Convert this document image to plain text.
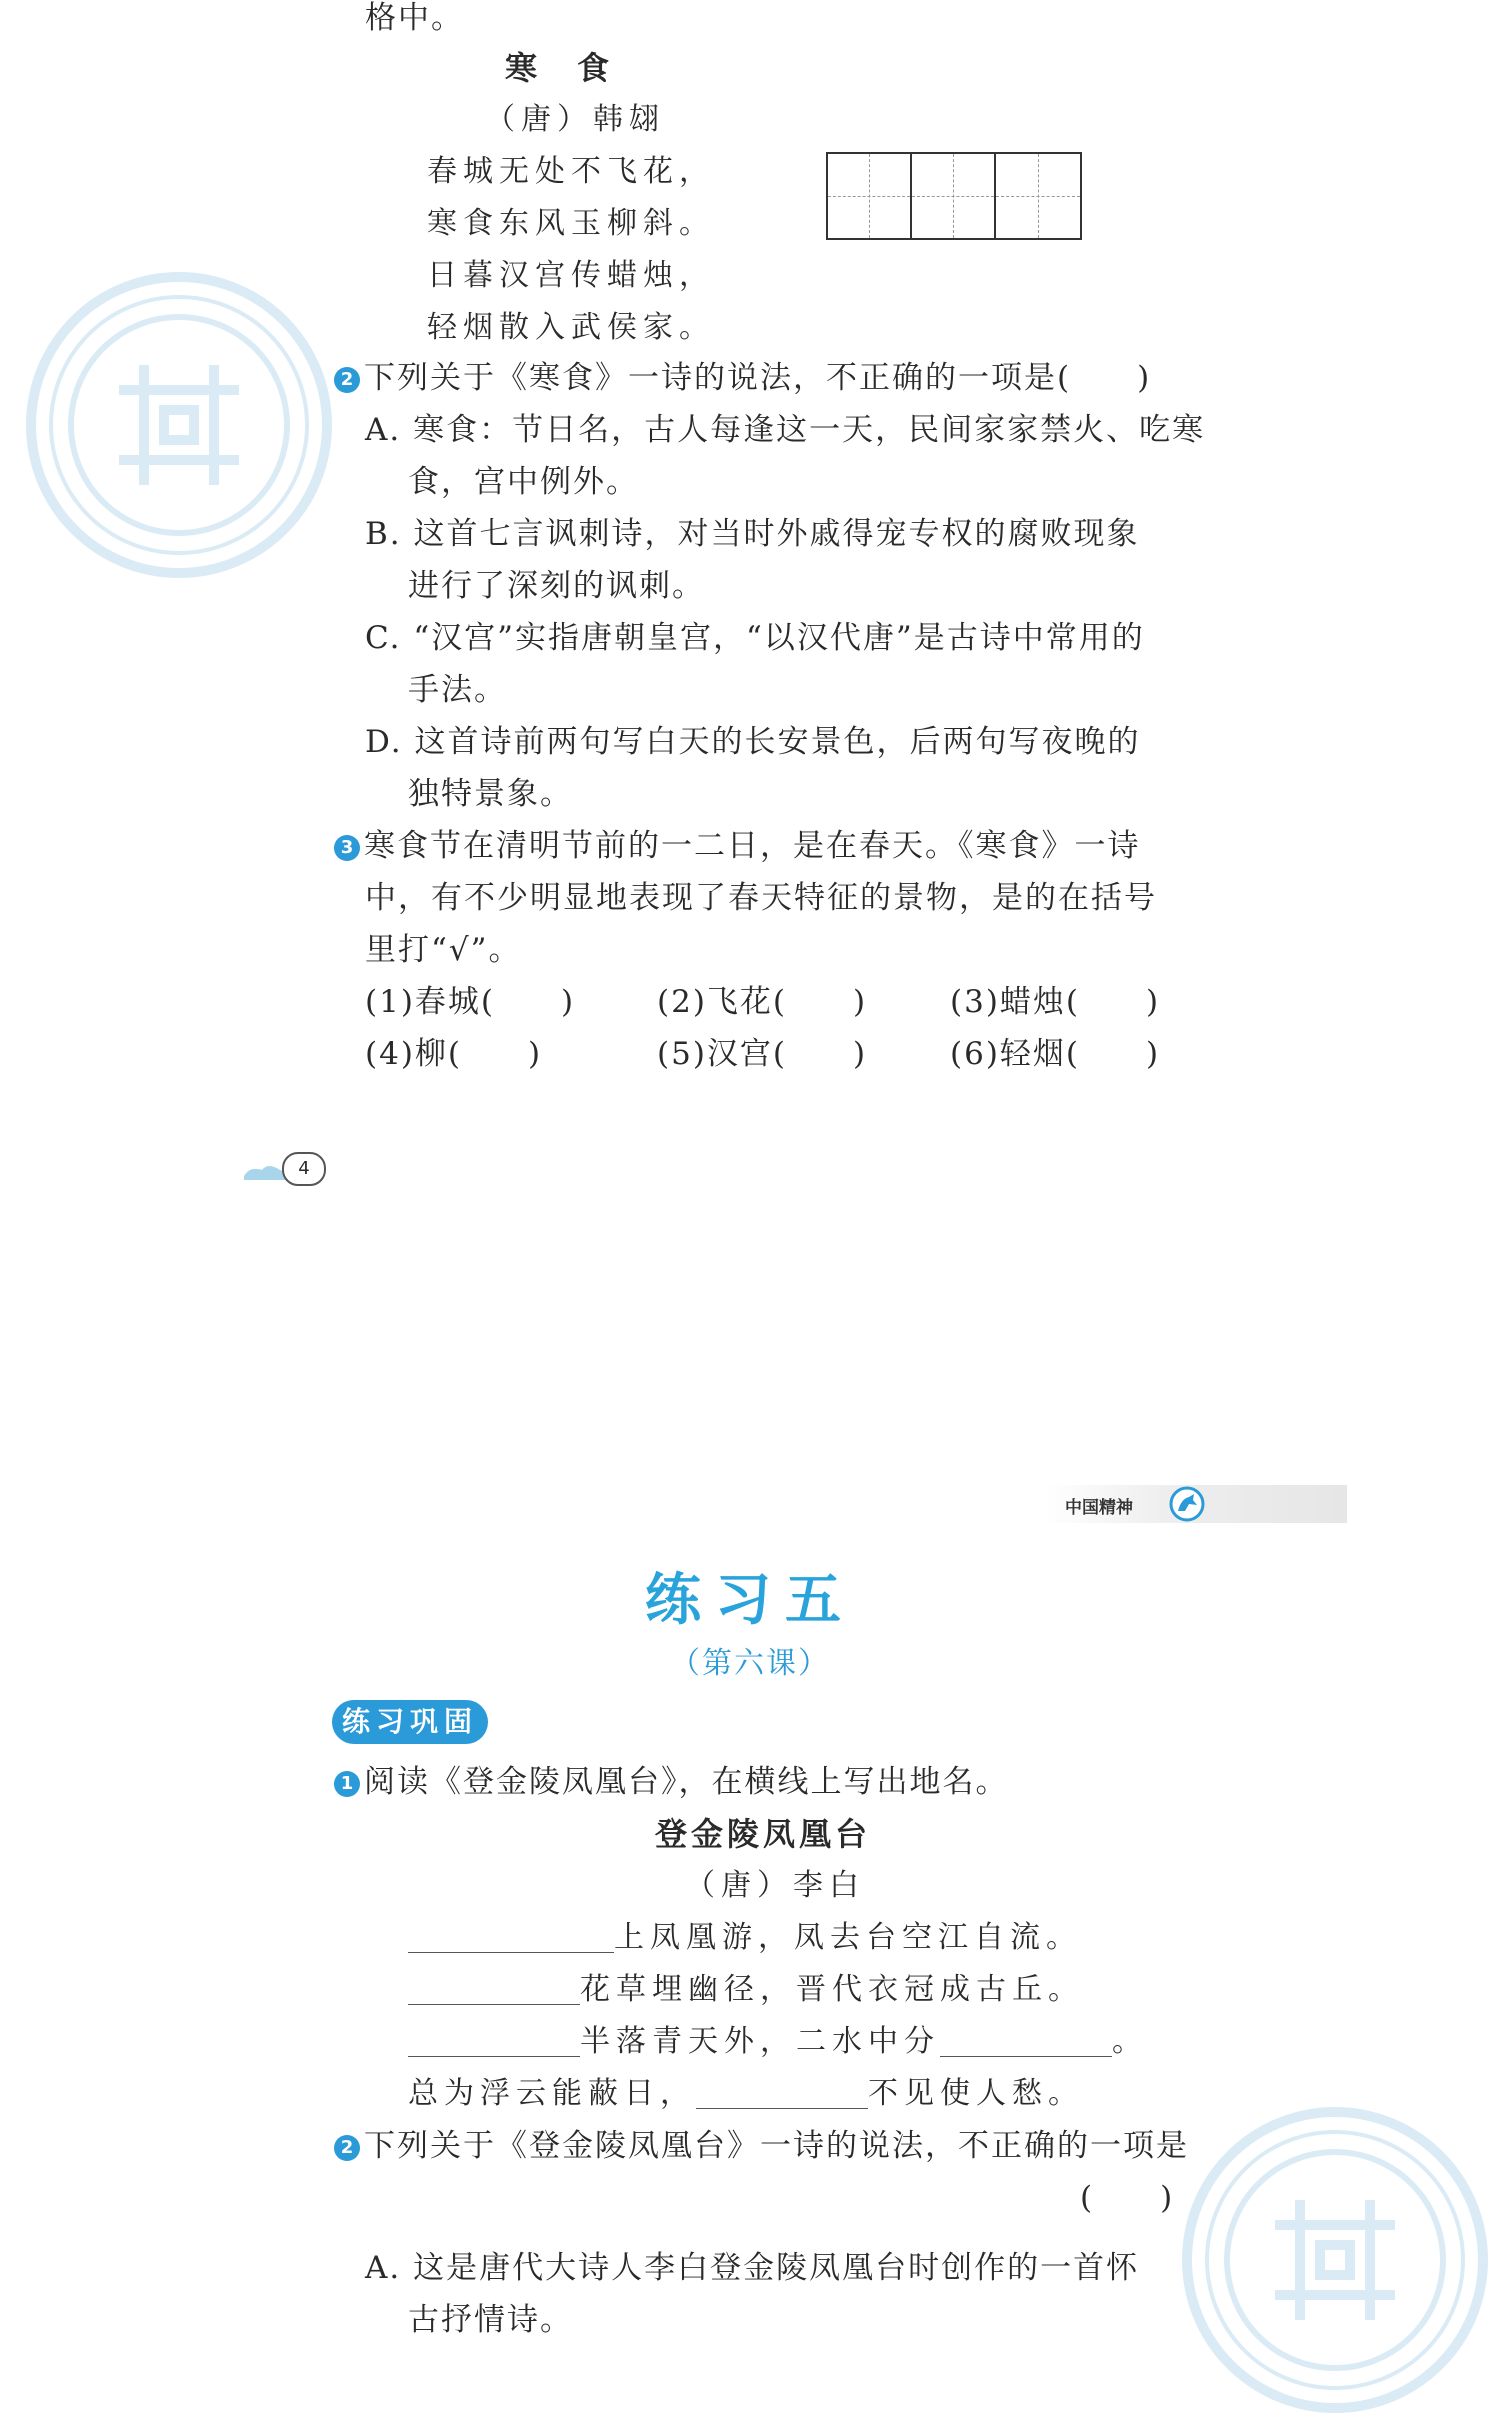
格中。
寒　食
（唐）韩翃
春城无处不飞花，
寒食东风玉柳斜。
日暮汉宫传蜡烛，
轻烟散入武侯家。
2 下列关于《寒食》一诗的说法，不正确的一项是(　　)
A. 寒食：节日名，古人每逢这一天，民间家家禁火、吃寒
食，宫中例外。
B. 这首七言讽刺诗，对当时外戚得宠专权的腐败现象
进行了深刻的讽刺。
C. “汉宫”实指唐朝皇宫，“以汉代唐”是古诗中常用的
手法。
D. 这首诗前两句写白天的长安景色，后两句写夜晚的
独特景象。
3 寒食节在清明节前的一二日，是在春天。《寒食》一诗
中，有不少明显地表现了春天特征的景物，是的在括号
里打“√”。
(1)春城(　　)	(2)飞花(　　)	(3)蜡烛(　　)
(4)柳(　　)	(5)汉宫(　　)	(6)轻烟(　　)
4
中国精神
练习五
（第六课）
练习巩固
1 阅读《登金陵凤凰台》，在横线上写出地名。
登金陵凤凰台
（唐）李白
上凤凰游，凤去台空江自流。
花草埋幽径，晋代衣冠成古丘。
半落青天外，二水中分	。
总为浮云能蔽日，	不见使人愁。
2 下列关于《登金陵凤凰台》一诗的说法，不正确的一项是
(　　)
A. 这是唐代大诗人李白登金陵凤凰台时创作的一首怀
古抒情诗。
